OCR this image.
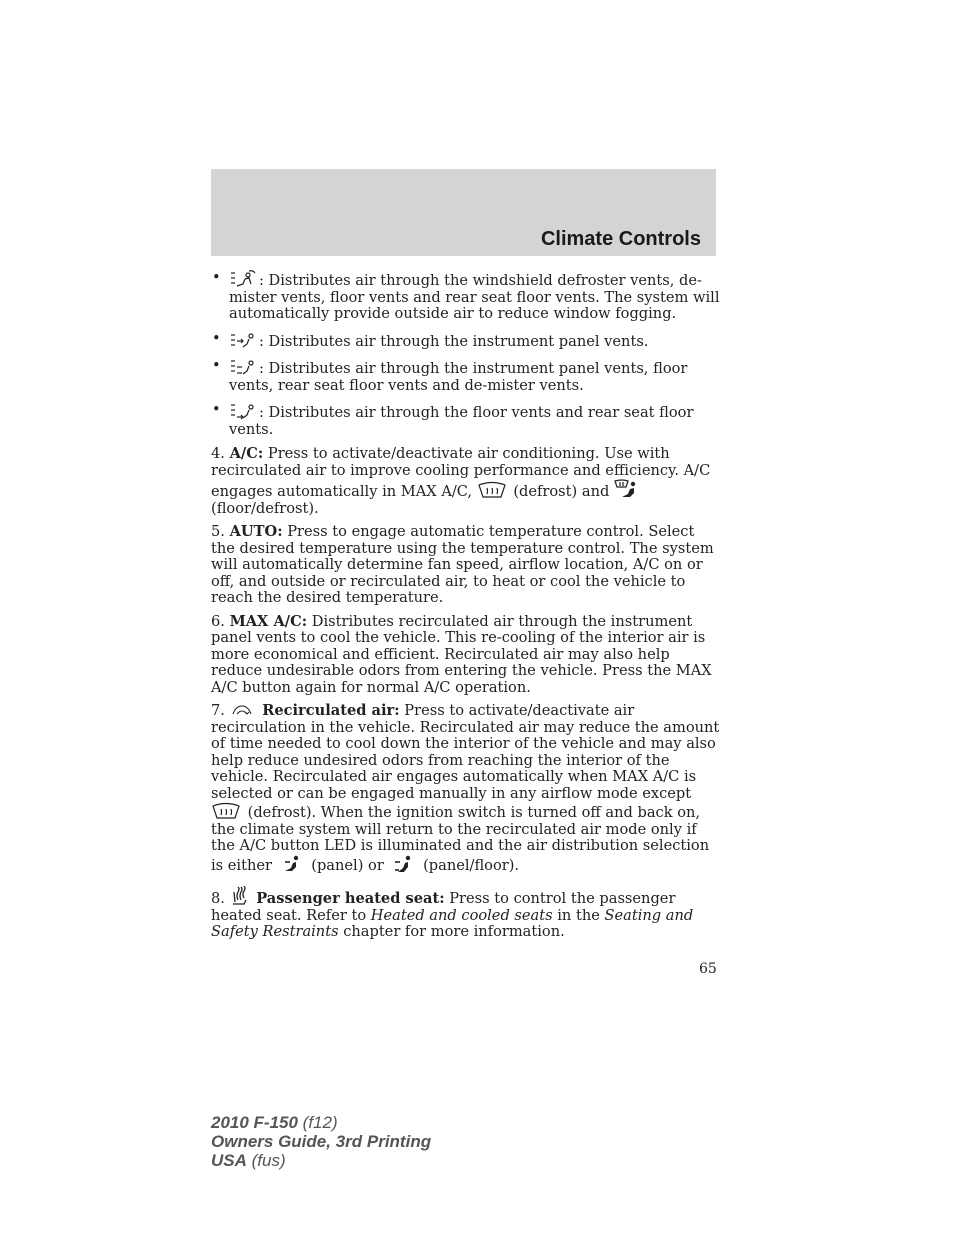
Climate Controls
•	: Distributes air through the windshield defroster vents, de-mister vents, floor vents and rear seat floor vents. The system will automatically provide outside air to reduce window fogging.
•	: Distributes air through the instrument panel vents.
•	: Distributes air through the instrument panel vents, floor vents, rear seat floor vents and de-mister vents.
•	: Distributes air through the floor vents and rear seat floor vents.

4. A/C: Press to activate/deactivate air conditioning. Use with recirculated air to improve cooling performance and efficiency. A/C engages automatically in MAX A/C,	(defrost) and

(floor/defrost).

5. AUTO: Press to engage automatic temperature control. Select the desired temperature using the temperature control. The system will automatically determine fan speed, airflow location, A/C on or off, and outside or recirculated air, to heat or cool the vehicle to reach the desired temperature.

6. MAX A/C: Distributes recirculated air through the instrument panel vents to cool the vehicle. This re-cooling of the interior air is more economical and efficient. Recirculated air may also help reduce undesirable odors from entering the vehicle. Press the MAX A/C button again for normal A/C operation.

7.	Recirculated air: Press to activate/deactivate air recirculation in the vehicle. Recirculated air may reduce the amount of time needed to cool down the interior of the vehicle and may also help reduce undesired odors from reaching the interior of the vehicle. Recirculated air engages automatically when MAX A/C is selected or can be engaged manually in any airflow mode except
(defrost). When the ignition switch is turned off and back on, the climate system will return to the recirculated air mode only if the A/C button LED is illuminated and the air distribution selection is either	(panel) or	(panel/floor).

8. Passenger heated seat: Press to control the passenger heated seat. Refer to Heated and cooled seats in the Seating and Safety Restraints chapter for more information.

65
2010 F-150 (f12)
Owners Guide, 3rd Printing
USA (fus)
